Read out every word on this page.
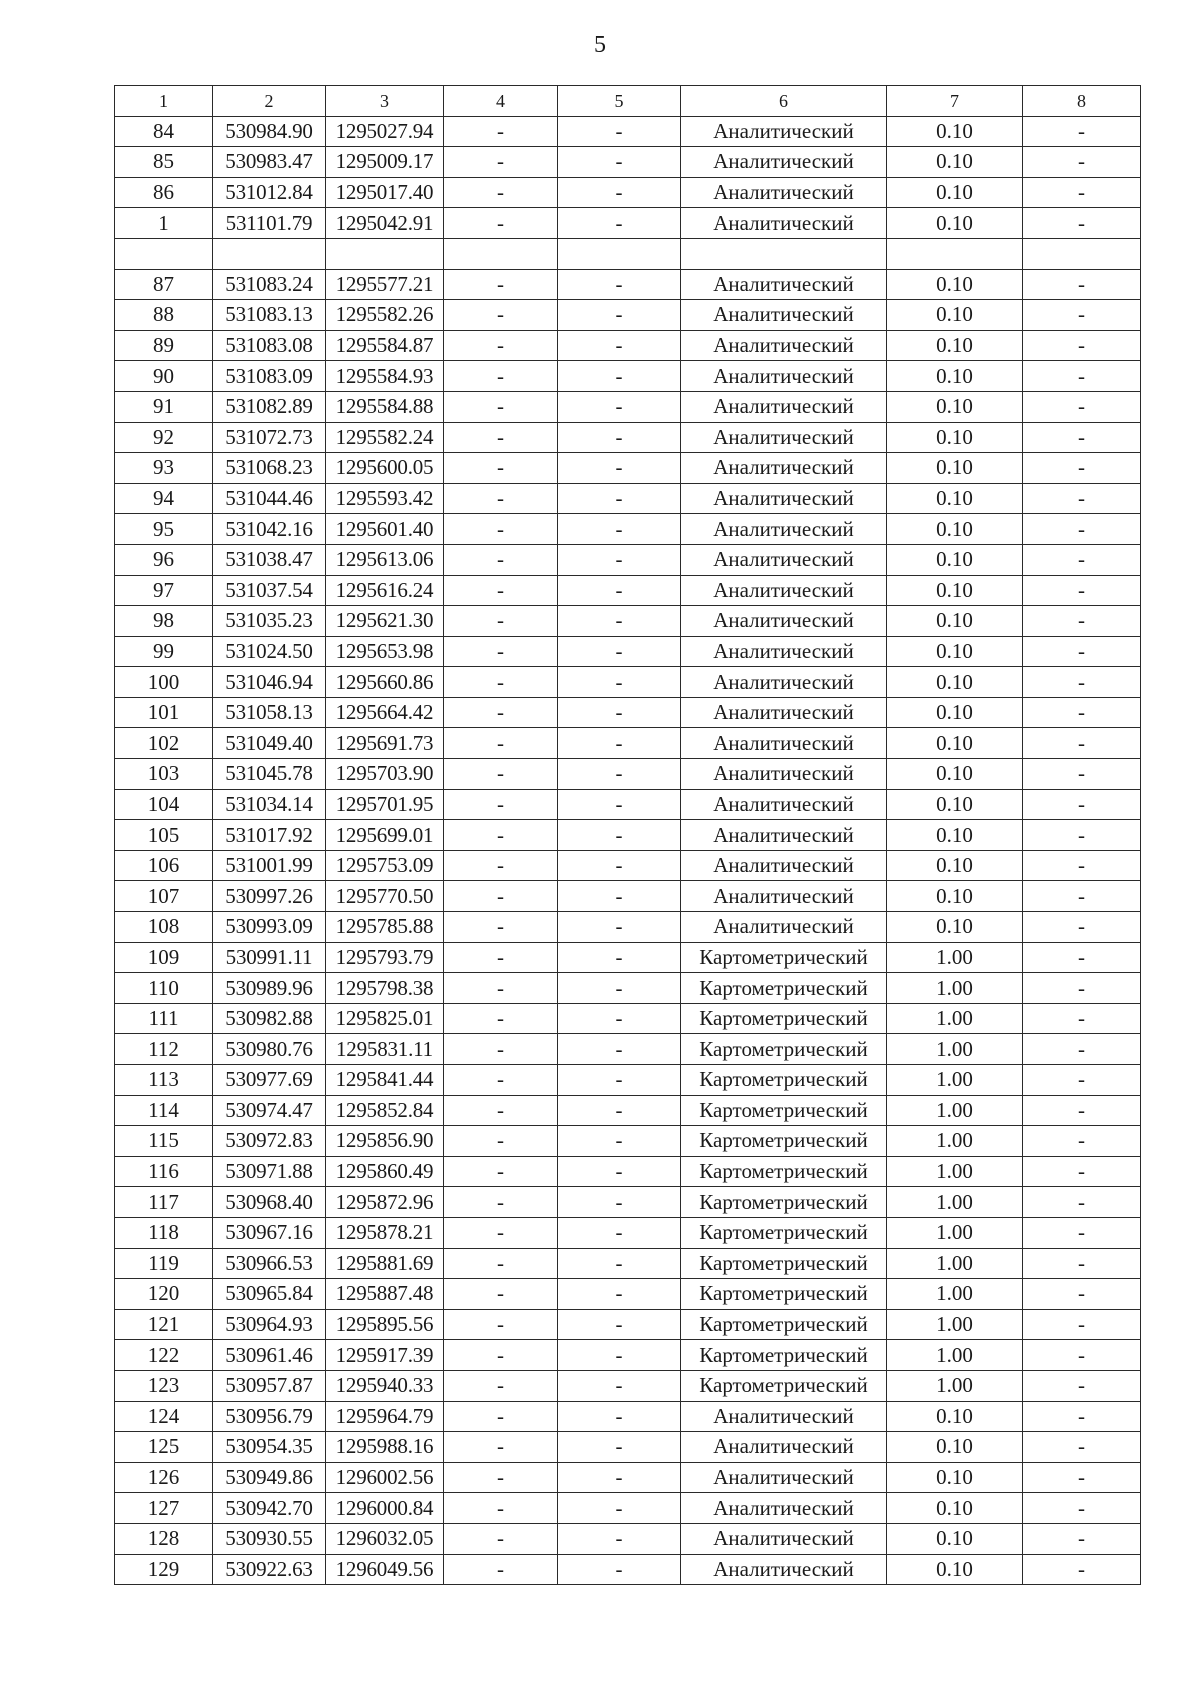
5
1	2	3	4	5	6	7	8
84	530984.90	1295027.94	-	-	Аналитический	0.10	-
85	530983.47	1295009.17	-	-	Аналитический	0.10	-
86	531012.84	1295017.40	-	-	Аналитический	0.10	-
1	531101.79	1295042.91	-	-	Аналитический	0.10	-

87	531083.24	1295577.21	-	-	Аналитический	0.10	-
88	531083.13	1295582.26	-	-	Аналитический	0.10	-
89	531083.08	1295584.87	-	-	Аналитический	0.10	-
90	531083.09	1295584.93	-	-	Аналитический	0.10	-
91	531082.89	1295584.88	-	-	Аналитический	0.10	-
92	531072.73	1295582.24	-	-	Аналитический	0.10	-
93	531068.23	1295600.05	-	-	Аналитический	0.10	-
94	531044.46	1295593.42	-	-	Аналитический	0.10	-
95	531042.16	1295601.40	-	-	Аналитический	0.10	-
96	531038.47	1295613.06	-	-	Аналитический	0.10	-
97	531037.54	1295616.24	-	-	Аналитический	0.10	-
98	531035.23	1295621.30	-	-	Аналитический	0.10	-
99	531024.50	1295653.98	-	-	Аналитический	0.10	-
100	531046.94	1295660.86	-	-	Аналитический	0.10	-
101	531058.13	1295664.42	-	-	Аналитический	0.10	-
102	531049.40	1295691.73	-	-	Аналитический	0.10	-
103	531045.78	1295703.90	-	-	Аналитический	0.10	-
104	531034.14	1295701.95	-	-	Аналитический	0.10	-
105	531017.92	1295699.01	-	-	Аналитический	0.10	-
106	531001.99	1295753.09	-	-	Аналитический	0.10	-
107	530997.26	1295770.50	-	-	Аналитический	0.10	-
108	530993.09	1295785.88	-	-	Аналитический	0.10	-
109	530991.11	1295793.79	-	-	Картометрический	1.00	-
110	530989.96	1295798.38	-	-	Картометрический	1.00	-
111	530982.88	1295825.01	-	-	Картометрический	1.00	-
112	530980.76	1295831.11	-	-	Картометрический	1.00	-
113	530977.69	1295841.44	-	-	Картометрический	1.00	-
114	530974.47	1295852.84	-	-	Картометрический	1.00	-
115	530972.83	1295856.90	-	-	Картометрический	1.00	-
116	530971.88	1295860.49	-	-	Картометрический	1.00	-
117	530968.40	1295872.96	-	-	Картометрический	1.00	-
118	530967.16	1295878.21	-	-	Картометрический	1.00	-
119	530966.53	1295881.69	-	-	Картометрический	1.00	-
120	530965.84	1295887.48	-	-	Картометрический	1.00	-
121	530964.93	1295895.56	-	-	Картометрический	1.00	-
122	530961.46	1295917.39	-	-	Картометрический	1.00	-
123	530957.87	1295940.33	-	-	Картометрический	1.00	-
124	530956.79	1295964.79	-	-	Аналитический	0.10	-
125	530954.35	1295988.16	-	-	Аналитический	0.10	-
126	530949.86	1296002.56	-	-	Аналитический	0.10	-
127	530942.70	1296000.84	-	-	Аналитический	0.10	-
128	530930.55	1296032.05	-	-	Аналитический	0.10	-
129	530922.63	1296049.56	-	-	Аналитический	0.10	-
